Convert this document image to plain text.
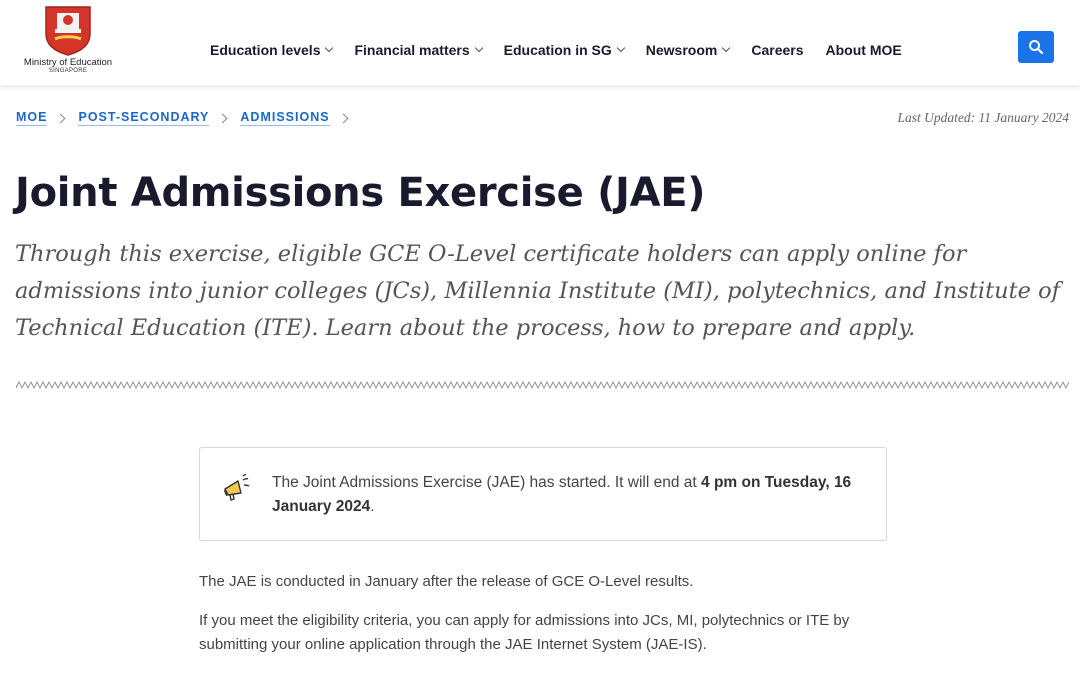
Ministry of Education
SINGAPORE
Education levels Financial matters Education in SG Newsroom Careers About MOE
MOE POST-SECONDARY ADMISSIONS	Last Updated: 11 January 2024
Joint Admissions Exercise (JAE)

Through this exercise, eligible GCE O-Level certificate holders can apply online for admissions into junior colleges (JCs), Millennia Institute (MI), polytechnics, and Institute of Technical Education (ITE). Learn about the process, how to prepare and apply.

The Joint Admissions Exercise (JAE) has started. It will end at 4 pm on Tuesday, 16 January 2024.

The JAE is conducted in January after the release of GCE O-Level results.

If you meet the eligibility criteria, you can apply for admissions into JCs, MI, polytechnics or ITE by submitting your online application through the JAE Internet System (JAE-IS).
